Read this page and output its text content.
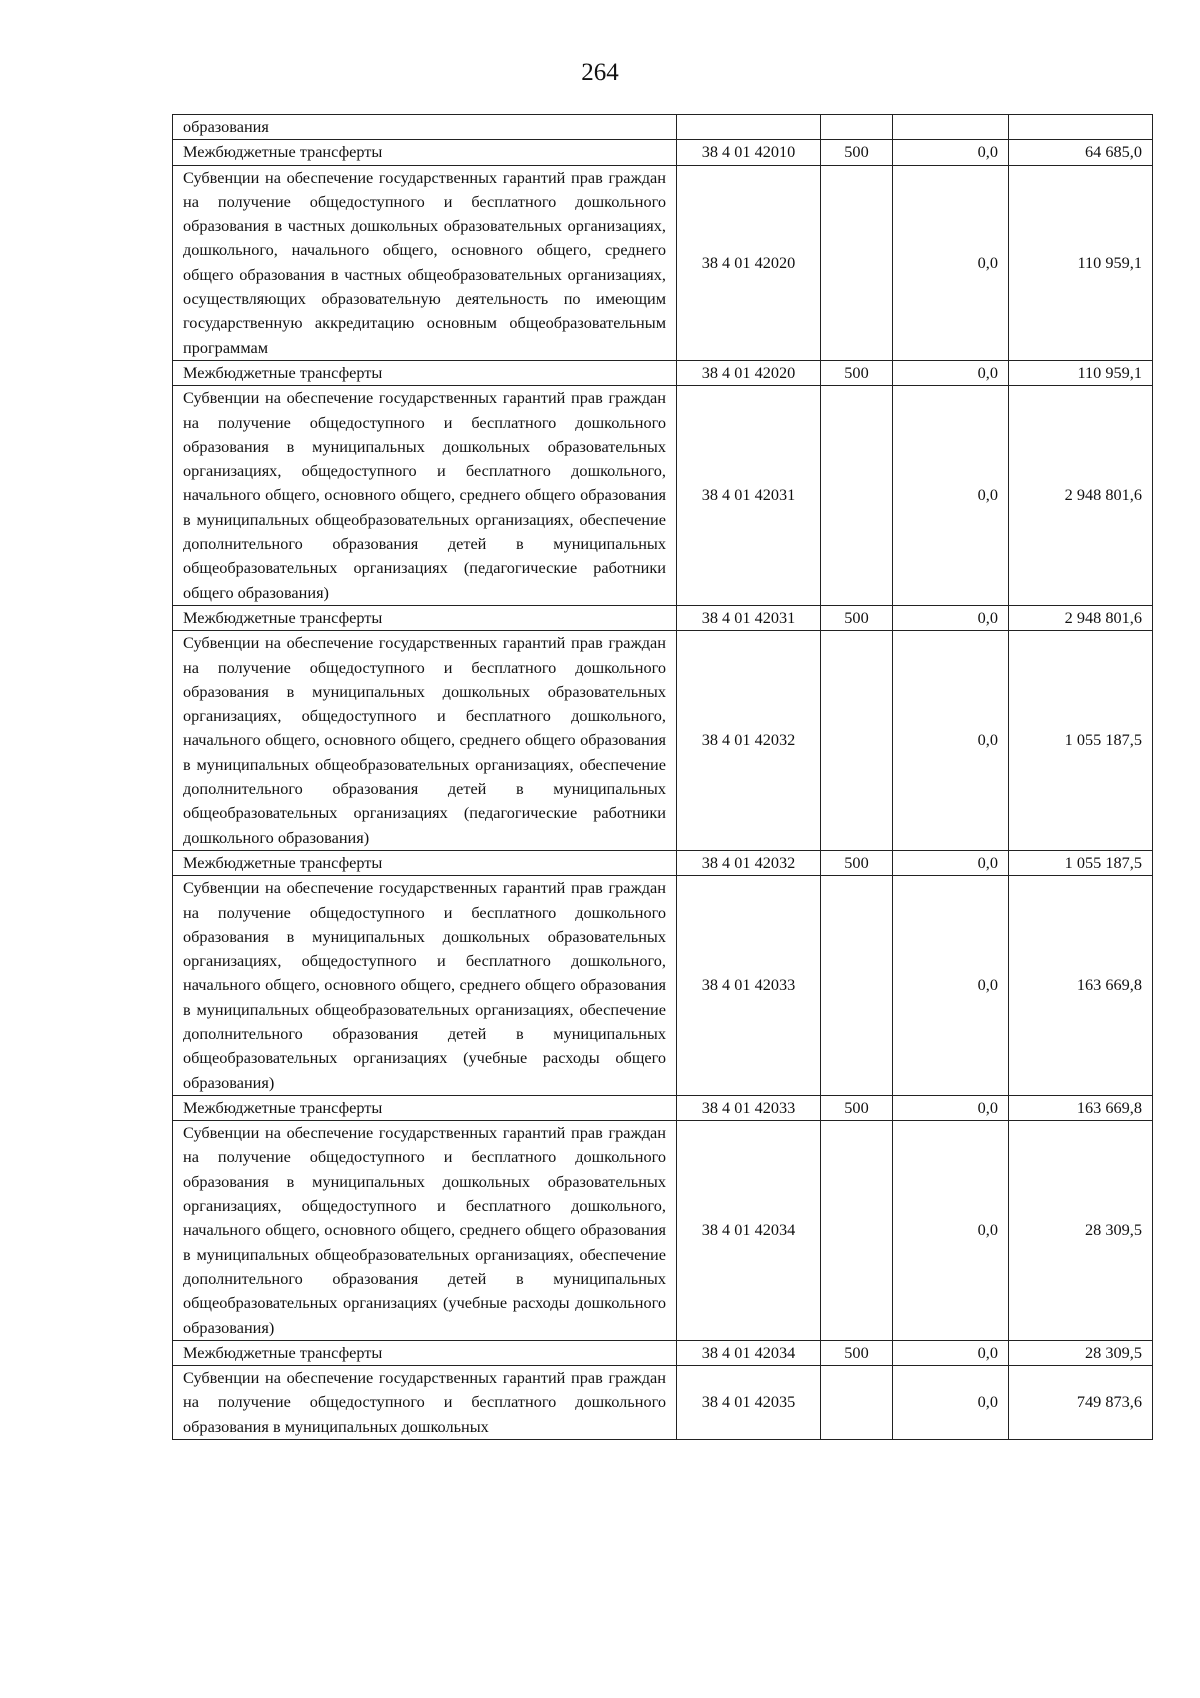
264
образования				
Межбюджетные трансферты	38 4 01 42010	500	0,0	64 685,0
Субвенции на обеспечение государственных гарантий прав граждан на получение общедоступного и бесплатного дошкольного образования в частных дошкольных образовательных организациях, дошкольного, начального общего, основного общего, среднего общего образования в частных общеобразовательных организациях, осуществляющих образовательную деятельность по имеющим государственную аккредитацию основным общеобразовательным программам	38 4 01 42020		0,0	110 959,1
Межбюджетные трансферты	38 4 01 42020	500	0,0	110 959,1
Субвенции на обеспечение государственных гарантий прав граждан на получение общедоступного и бесплатного дошкольного образования в муниципальных дошкольных образовательных организациях, общедоступного и бесплатного дошкольного, начального общего, основного общего, среднего общего образования в муниципальных общеобразовательных организациях, обеспечение дополнительного образования детей в муниципальных общеобразовательных организациях (педагогические работники общего образования)	38 4 01 42031		0,0	2 948 801,6
Межбюджетные трансферты	38 4 01 42031	500	0,0	2 948 801,6
Субвенции на обеспечение государственных гарантий прав граждан на получение общедоступного и бесплатного дошкольного образования в муниципальных дошкольных образовательных организациях, общедоступного и бесплатного дошкольного, начального общего, основного общего, среднего общего образования в муниципальных общеобразовательных организациях, обеспечение дополнительного образования детей в муниципальных общеобразовательных организациях (педагогические работники дошкольного образования)	38 4 01 42032		0,0	1 055 187,5
Межбюджетные трансферты	38 4 01 42032	500	0,0	1 055 187,5
Субвенции на обеспечение государственных гарантий прав граждан на получение общедоступного и бесплатного дошкольного образования в муниципальных дошкольных образовательных организациях, общедоступного и бесплатного дошкольного, начального общего, основного общего, среднего общего образования в муниципальных общеобразовательных организациях, обеспечение дополнительного образования детей в муниципальных общеобразовательных организациях (учебные расходы общего образования)	38 4 01 42033		0,0	163 669,8
Межбюджетные трансферты	38 4 01 42033	500	0,0	163 669,8
Субвенции на обеспечение государственных гарантий прав граждан на получение общедоступного и бесплатного дошкольного образования в муниципальных дошкольных образовательных организациях, общедоступного и бесплатного дошкольного, начального общего, основного общего, среднего общего образования в муниципальных общеобразовательных организациях, обеспечение дополнительного образования детей в муниципальных общеобразовательных организациях (учебные расходы дошкольного образования)	38 4 01 42034		0,0	28 309,5
Межбюджетные трансферты	38 4 01 42034	500	0,0	28 309,5
Субвенции на обеспечение государственных гарантий прав граждан на получение общедоступного и бесплатного дошкольного образования в муниципальных дошкольных	38 4 01 42035		0,0	749 873,6
